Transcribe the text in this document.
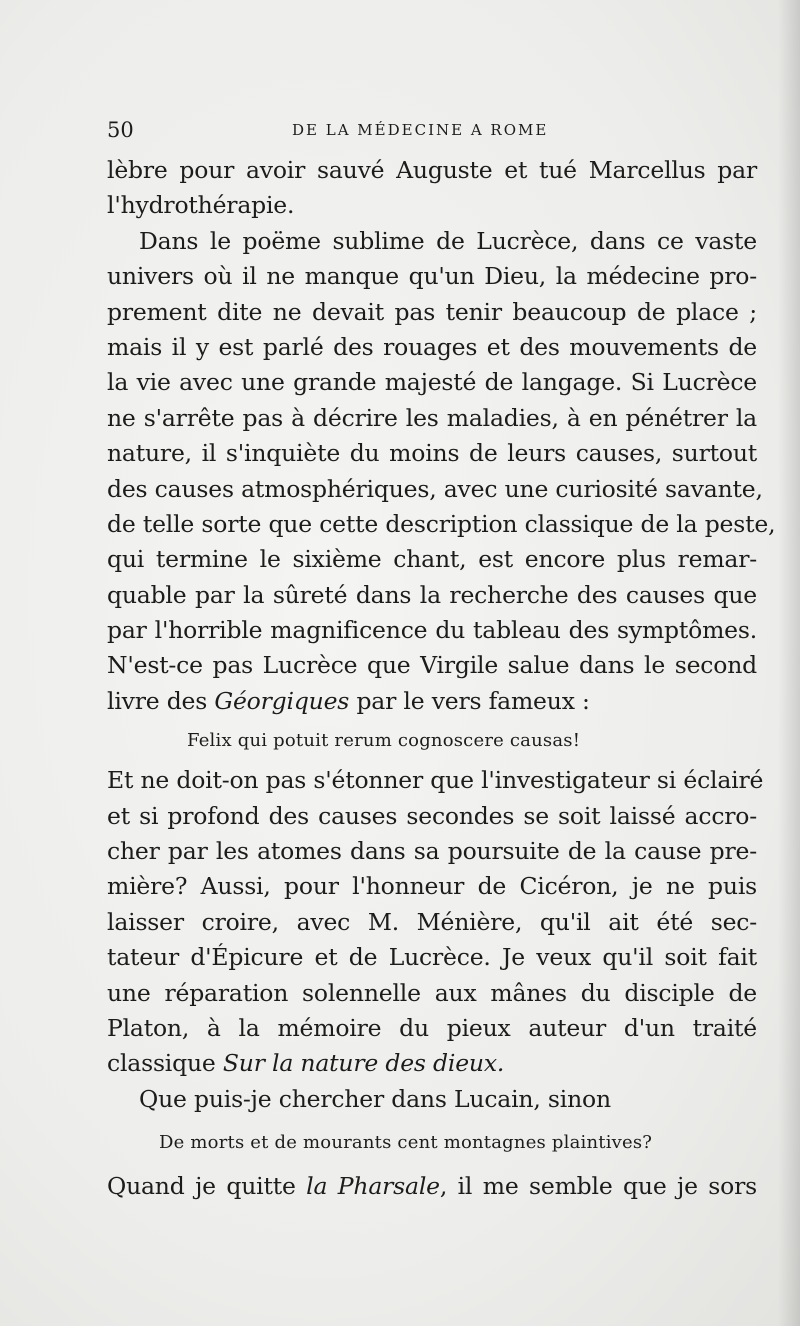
50	DE LA MÉDECINE A ROME
lèbre pour avoir sauvé Auguste et tué Marcellus par
l'hydrothérapie.
Dans le poëme sublime de Lucrèce, dans ce vaste
univers où il ne manque qu'un Dieu, la médecine pro-
prement dite ne devait pas tenir beaucoup de place ;
mais il y est parlé des rouages et des mouvements de
la vie avec une grande majesté de langage. Si Lucrèce
ne s'arrête pas à décrire les maladies, à en pénétrer la
nature, il s'inquiète du moins de leurs causes, surtout
des causes atmosphériques, avec une curiosité savante,
de telle sorte que cette description classique de la peste,
qui termine le sixième chant, est encore plus remar-
quable par la sûreté dans la recherche des causes que
par l'horrible magnificence du tableau des symptômes.
N'est-ce pas Lucrèce que Virgile salue dans le second
livre des Géorgiques par le vers fameux :
Felix qui potuit rerum cognoscere causas!
Et ne doit-on pas s'étonner que l'investigateur si éclairé
et si profond des causes secondes se soit laissé accro-
cher par les atomes dans sa poursuite de la cause pre-
mière? Aussi, pour l'honneur de Cicéron, je ne puis
laisser croire, avec M. Ménière, qu'il ait été sec-
tateur d'Épicure et de Lucrèce. Je veux qu'il soit fait
une réparation solennelle aux mânes du disciple de
Platon, à la mémoire du pieux auteur d'un traité
classique Sur la nature des dieux.
Que puis-je chercher dans Lucain, sinon
De morts et de mourants cent montagnes plaintives?
Quand je quitte la Pharsale, il me semble que je sors
